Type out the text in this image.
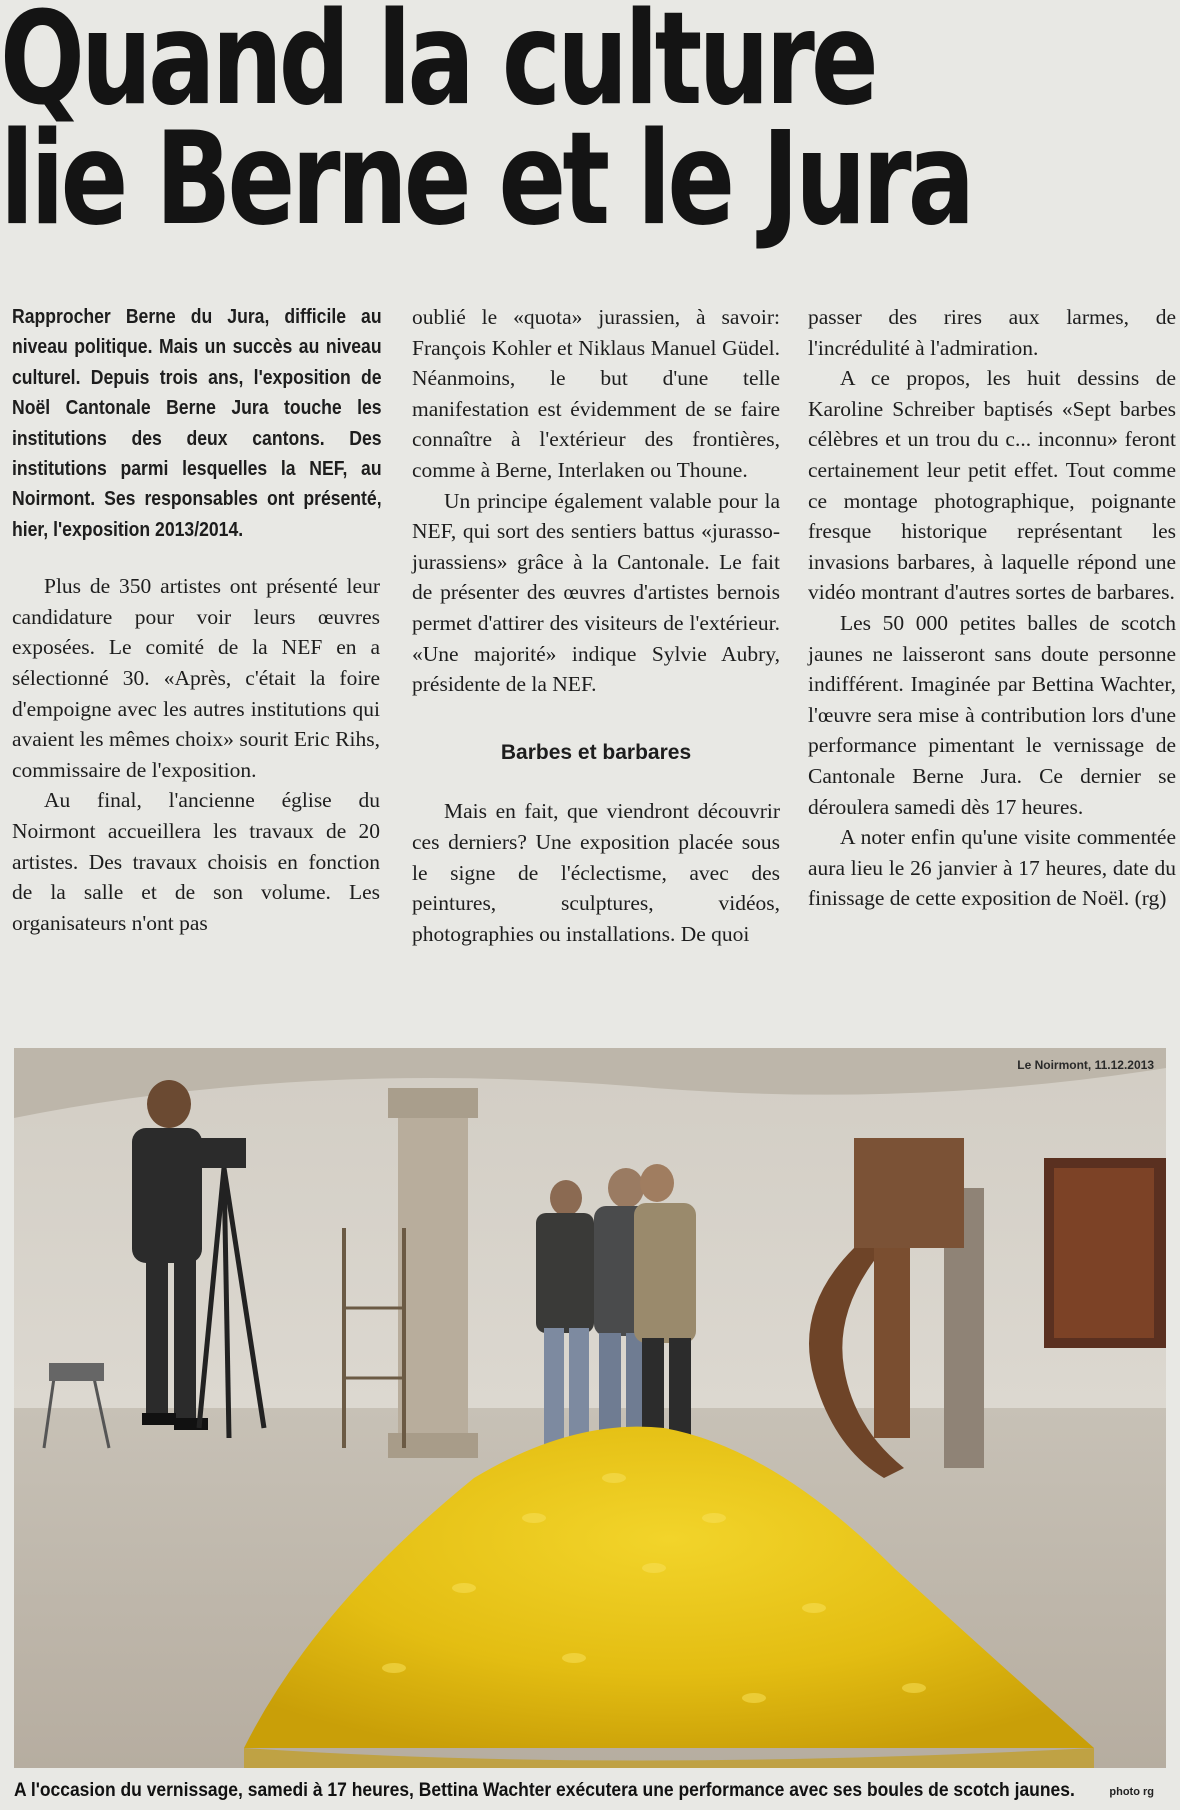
Quand la culture
lie Berne et le Jura

Rapprocher Berne du Jura, difficile au niveau politique. Mais un succès au niveau culturel. Depuis trois ans, l'exposition de Noël Cantonale Berne Jura touche les institutions des deux cantons. Des institutions parmi lesquelles la NEF, au Noirmont. Ses responsables ont présenté, hier, l'exposition 2013/2014.

Plus de 350 artistes ont présenté leur candidature pour voir leurs œuvres exposées. Le comité de la NEF en a sélectionné 30. «Après, c'était la foire d'empoigne avec les autres institutions qui avaient les mêmes choix» sourit Eric Rihs, commissaire de l'exposition.

Au final, l'ancienne église du Noirmont accueillera les travaux de 20 artistes. Des travaux choisis en fonction de la salle et de son volume. Les organisateurs n'ont pas

oublié le «quota» jurassien, à savoir: François Kohler et Niklaus Manuel Güdel. Néanmoins, le but d'une telle manifestation est évidemment de se faire connaître à l'extérieur des frontières, comme à Berne, Interlaken ou Thoune.

Un principe également valable pour la NEF, qui sort des sentiers battus «jurasso-jurassiens» grâce à la Cantonale. Le fait de présenter des œuvres d'artistes bernois permet d'attirer des visiteurs de l'extérieur. «Une majorité» indique Sylvie Aubry, présidente de la NEF.

Barbes et barbares

Mais en fait, que viendront découvrir ces derniers? Une exposition placée sous le signe de l'éclectisme, avec des peintures, sculptures, vidéos, photographies ou installations. De quoi

passer des rires aux larmes, de l'incrédulité à l'admiration.

A ce propos, les huit dessins de Karoline Schreiber baptisés «Sept barbes célèbres et un trou du c... inconnu» feront certainement leur petit effet. Tout comme ce montage photographique, poignante fresque historique représentant les invasions barbares, à laquelle répond une vidéo montrant d'autres sortes de barbares.

Les 50 000 petites balles de scotch jaunes ne laisseront sans doute personne indifférent. Imaginée par Bettina Wachter, l'œuvre sera mise à contribution lors d'une performance pimentant le vernissage de Cantonale Berne Jura. Ce dernier se déroulera samedi dès 17 heures.

A noter enfin qu'une visite commentée aura lieu le 26 janvier à 17 heures, date du finissage de cette exposition de Noël. (rg)

Le Noirmont, 11.12.2013
A l'occasion du vernissage, samedi à 17 heures, Bettina Wachter exécutera une performance avec ses boules de scotch jaunes.	photo rg
